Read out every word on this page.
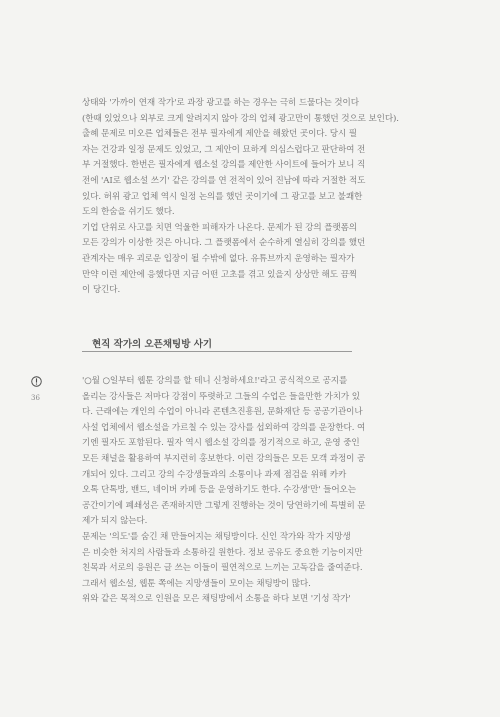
상태와 '가까이 연재 작가'로 과장 광고를 하는 경우는 극히 드물다는 것이다
(한때 있었으나 외부로 크게 알려지지 않아 강의 업체 광고만이 통했던 것으로 보인다).
출혜 문제로 미오른 업체들은 전부 필자에게 제안을 해왔던 곳이다. 당시 필
자는 건강과 일정 문제도 있었고, 그 제안이 묘하게 의심스럽다고 판단하여 전
부 거절했다. 한번은 필자에게 웹소설 강의를 제안한 사이트에 들어가 보니 직
전에 'AI로 웹소설 쓰기' 같은 강의를 연 전적이 있어 진남에 따라 거절한 적도
있다. 허위 광고 업체 역시 일정 논의를 했던 곳이기에 그 광고를 보고 불쾌한
도의 한숨을 쉬기도 했다.
기업 단위로 사고를 치면 억울한 피해자가 나온다. 문제가 된 강의 플랫폼의
모든 강의가 이상한 것은 아니다. 그 플랫폼에서 순수하게 열심히 강의를 했던
관계자는 매우 괴로운 입장이 될 수밖에 없다. 유튜브까지 운영하는 필자가
만약 이런 제안에 응했다면 지금 어떤 고초를 겪고 있을지 상상만 해도 끔찍
이 당긴다.
현직 작가의 오픈채팅방 사기
36
'○월 ○일부터 웹툰 강의를 할 테니 신청하세요!'라고 공식적으로 공지를
올리는 강사들은 저마다 강점이 뚜렷하고 그들의 수업은 들을만한 가치가 있
다. 근래에는 개인의 수업이 아니라 콘텐츠진흥원, 문화재단 등 공공기관이나
사설 업체에서 웹소설을 가르칠 수 있는 강사를 섭외하여 강의를 운장한다. 여
기엔 필자도 포함된다. 필자 역시 웹소설 강의를 정기적으로 하고, 운영 중인
모든 채널을 활용하여 부지런히 홍보한다. 이런 강의들은 모든 모객 과정이 공
개되어 있다. 그리고 강의 수강생들과의 소통이나 과제 점검을 위해 카카
오톡 단톡방, 밴드, 네이버 카페 등을 운영하기도 한다. 수강생'만' 들어오는
공간이기에 폐쇄성은 존재하지만 그렇게 진행하는 것이 당연하기에 특별히 문
제가 되지 않는다.
문제는 '의도'를 숨긴 채 만들어지는 채팅방이다. 신인 작가와 작가 지망생
은 비슷한 처지의 사람들과 소통하길 원한다. 정보 공유도 중요한 기능이지만
친목과 서로의 응원은 글 쓰는 이들이 필연적으로 느끼는 고독감을 줄여준다.
그래서 웹소설, 웹툰 쪽에는 지망생들이 모이는 채팅방이 많다.
위와 같은 목적으로 인원을 모은 채팅방에서 소통을 하다 보면 '기성 작가'
